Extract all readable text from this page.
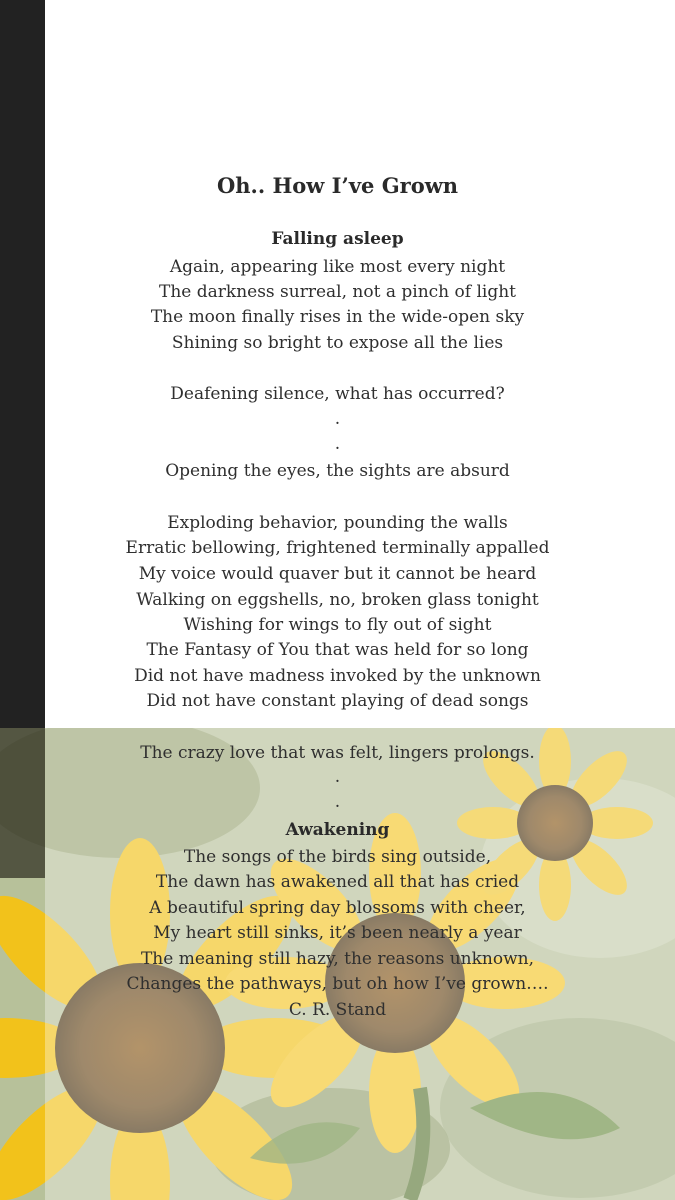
Oh.. How I’ve Grown
Falling asleep
Again, appearing like most every night
The darkness surreal, not a pinch of light
The moon finally rises in the wide-open sky
Shining so bright to expose all the lies
Deafening silence, what has occurred?
.
.
Opening the eyes, the sights are absurd
Exploding behavior, pounding the walls
Erratic bellowing, frightened terminally appalled
My voice would quaver but it cannot be heard
Walking on eggshells, no, broken glass tonight
Wishing for wings to fly out of sight
The Fantasy of You that was held for so long
Did not have madness invoked by the unknown
Did not have constant playing of dead songs
The crazy love that was felt, lingers prolongs.
.
.
Awakening
The songs of the birds sing outside,
The dawn has awakened all that has cried
A beautiful spring day blossoms with cheer,
My heart still sinks, it’s been nearly a year
The meaning still hazy, the reasons unknown,
Changes the pathways, but oh how I’ve grown….
C. R. Stand
